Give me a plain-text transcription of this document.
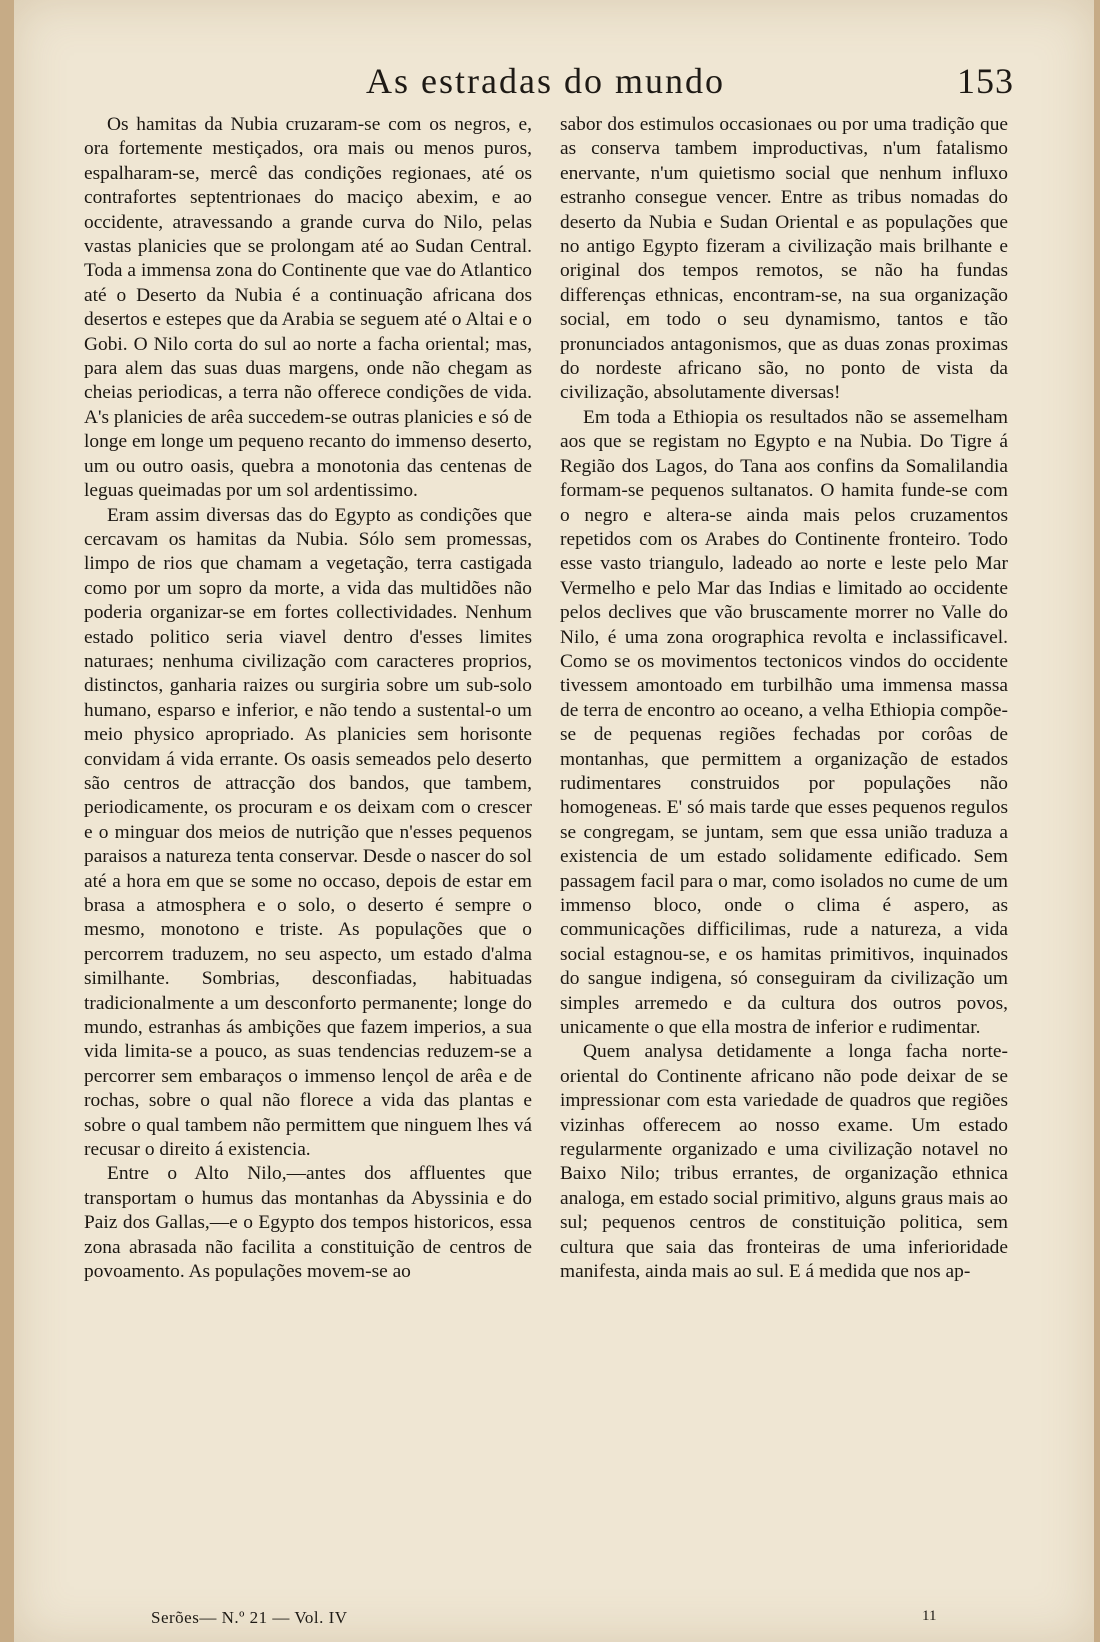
As estradas do mundo	153

Os hamitas da Nubia cruzaram-se com os negros, e, ora fortemente mestiçados, ora mais ou menos puros, espalharam-se, mercê das condições regionaes, até os contrafortes septentrionaes do maciço abexim, e ao occidente, atravessando a grande curva do Nilo, pelas vastas planicies que se prolongam até ao Sudan Central. Toda a immensa zona do Continente que vae do Atlantico até o Deserto da Nubia é a continuação africana dos desertos e estepes que da Arabia se seguem até o Altai e o Gobi. O Nilo corta do sul ao norte a facha oriental; mas, para alem das suas duas margens, onde não chegam as cheias periodicas, a terra não offerece condições de vida. A's planicies de arêa succedem-se outras planicies e só de longe em longe um pequeno recanto do immenso deserto, um ou outro oasis, quebra a monotonia das centenas de leguas queimadas por um sol ardentissimo.

Eram assim diversas das do Egypto as condições que cercavam os hamitas da Nubia. Sólo sem promessas, limpo de rios que chamam a vegetação, terra castigada como por um sopro da morte, a vida das multidões não poderia organizar-se em fortes collectividades. Nenhum estado politico seria viavel dentro d'esses limites naturaes; nenhuma civilização com caracteres proprios, distinctos, ganharia raizes ou surgiria sobre um sub-solo humano, esparso e inferior, e não tendo a sustental-o um meio physico apropriado. As planicies sem horisonte convidam á vida errante. Os oasis semeados pelo deserto são centros de attracção dos bandos, que tambem, periodicamente, os procuram e os deixam com o crescer e o minguar dos meios de nutrição que n'esses pequenos paraisos a natureza tenta conservar. Desde o nascer do sol até a hora em que se some no occaso, depois de estar em brasa a atmosphera e o solo, o deserto é sempre o mesmo, monotono e triste. As populações que o percorrem traduzem, no seu aspecto, um estado d'alma similhante. Sombrias, desconfiadas, habituadas tradicionalmente a um desconforto permanente; longe do mundo, estranhas ás ambições que fazem imperios, a sua vida limita-se a pouco, as suas tendencias reduzem-se a percorrer sem embaraços o immenso lençol de arêa e de rochas, sobre o qual não florece a vida das plantas e sobre o qual tambem não permittem que ninguem lhes vá recusar o direito á existencia.

Entre o Alto Nilo,—antes dos affluentes que transportam o humus das montanhas da Abyssinia e do Paiz dos Gallas,—e o Egypto dos tempos historicos, essa zona abrasada não facilita a constituição de centros de povoamento. As populações movem-se ao

sabor dos estimulos occasionaes ou por uma tradição que as conserva tambem improductivas, n'um fatalismo enervante, n'um quietismo social que nenhum influxo estranho consegue vencer. Entre as tribus nomadas do deserto da Nubia e Sudan Oriental e as populações que no antigo Egypto fizeram a civilização mais brilhante e original dos tempos remotos, se não ha fundas differenças ethnicas, encontram-se, na sua organização social, em todo o seu dynamismo, tantos e tão pronunciados antagonismos, que as duas zonas proximas do nordeste africano são, no ponto de vista da civilização, absolutamente diversas!

Em toda a Ethiopia os resultados não se assemelham aos que se registam no Egypto e na Nubia. Do Tigre á Região dos Lagos, do Tana aos confins da Somalilandia formam-se pequenos sultanatos. O hamita funde-se com o negro e altera-se ainda mais pelos cruzamentos repetidos com os Arabes do Continente fronteiro. Todo esse vasto triangulo, ladeado ao norte e leste pelo Mar Vermelho e pelo Mar das Indias e limitado ao occidente pelos declives que vão bruscamente morrer no Valle do Nilo, é uma zona orographica revolta e inclassificavel. Como se os movimentos tectonicos vindos do occidente tivessem amontoado em turbilhão uma immensa massa de terra de encontro ao oceano, a velha Ethiopia compõe-se de pequenas regiões fechadas por corôas de montanhas, que permittem a organização de estados rudimentares construidos por populações não homogeneas. E' só mais tarde que esses pequenos regulos se congregam, se juntam, sem que essa união traduza a existencia de um estado solidamente edificado. Sem passagem facil para o mar, como isolados no cume de um immenso bloco, onde o clima é aspero, as communicações difficilimas, rude a natureza, a vida social estagnou-se, e os hamitas primitivos, inquinados do sangue indigena, só conseguiram da civilização um simples arremedo e da cultura dos outros povos, unicamente o que ella mostra de inferior e rudimentar.

Quem analysa detidamente a longa facha norte-oriental do Continente africano não pode deixar de se impressionar com esta variedade de quadros que regiões vizinhas offerecem ao nosso exame. Um estado regularmente organizado e uma civilização notavel no Baixo Nilo; tribus errantes, de organização ethnica analoga, em estado social primitivo, alguns graus mais ao sul; pequenos centros de constituição politica, sem cultura que saia das fronteiras de uma inferioridade manifesta, ainda mais ao sul. E á medida que nos ap-

Serões— N.º 21 — Vol. IV	11
